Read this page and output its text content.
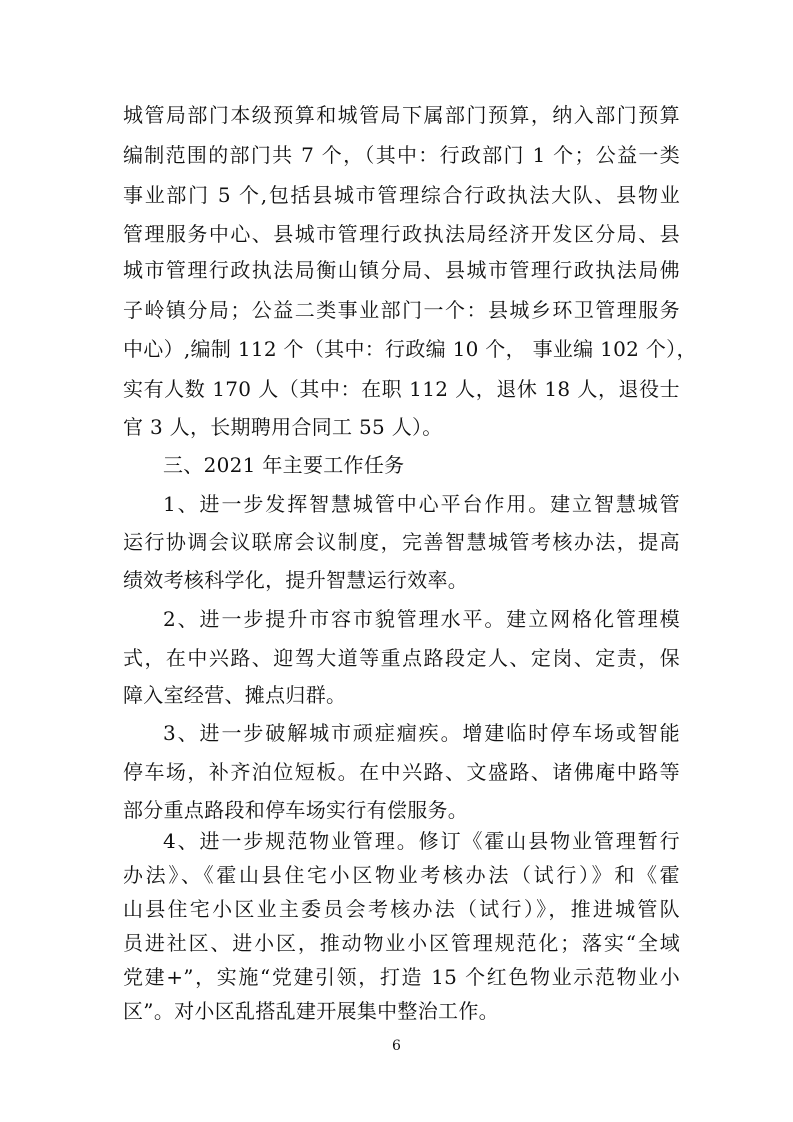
城管局部门本级预算和城管局下属部门预算，纳入部门预算
编制范围的部门共 7 个，（其中：行政部门 1 个；公益一类
事业部门 5 个,包括县城市管理综合行政执法大队、县物业
管理服务中心、县城市管理行政执法局经济开发区分局、县
城市管理行政执法局衡山镇分局、县城市管理行政执法局佛
子岭镇分局；公益二类事业部门一个：县城乡环卫管理服务
中心）,编制 112 个（其中：行政编 10 个， 事业编 102 个），
实有人数 170 人（其中：在职 112 人，退休 18 人，退役士
官 3 人，长期聘用合同工 55 人）。
三、2021 年主要工作任务
1、进一步发挥智慧城管中心平台作用。建立智慧城管
运行协调会议联席会议制度，完善智慧城管考核办法，提高
绩效考核科学化，提升智慧运行效率。
2、进一步提升市容市貌管理水平。建立网格化管理模
式，在中兴路、迎驾大道等重点路段定人、定岗、定责，保
障入室经营、摊点归群。
3、进一步破解城市顽症痼疾。增建临时停车场或智能
停车场，补齐泊位短板。在中兴路、文盛路、诸佛庵中路等
部分重点路段和停车场实行有偿服务。
4、进一步规范物业管理。修订《霍山县物业管理暂行
办法》、《霍山县住宅小区物业考核办法（试行）》和《霍
山县住宅小区业主委员会考核办法（试行）》，推进城管队
员进社区、进小区，推动物业小区管理规范化；落实“全域
党建+”，实施“党建引领，打造 15 个红色物业示范物业小
区”。对小区乱搭乱建开展集中整治工作。
6
